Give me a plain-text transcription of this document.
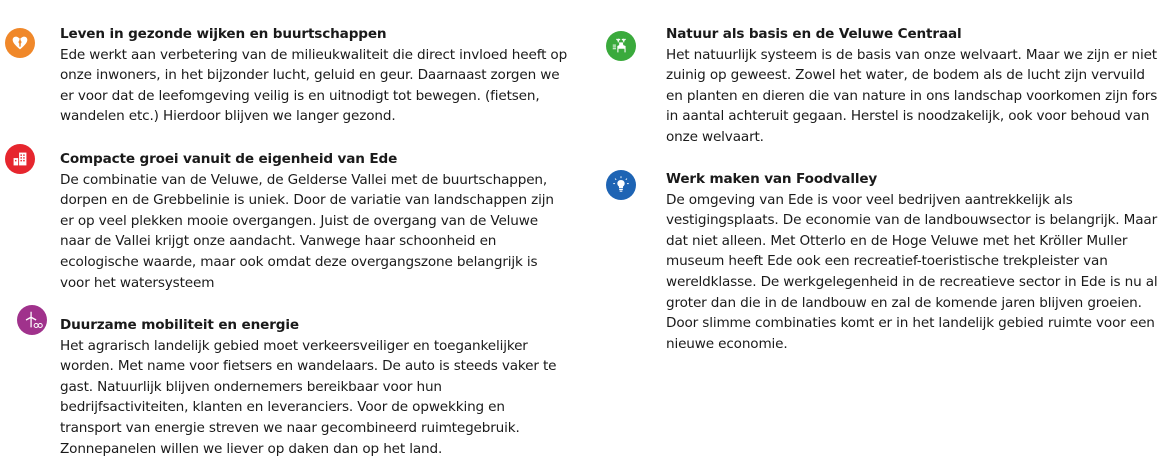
Leven in gezonde wijken en buurtschappen
Ede werkt aan verbetering van de milieukwaliteit die direct invloed heeft op onze inwoners, in het bijzonder lucht, geluid en geur. Daarnaast zorgen we er voor dat de leefomgeving veilig is en uitnodigt tot bewegen. (fietsen, wandelen etc.) Hierdoor blijven we langer gezond.
Compacte groei vanuit de eigenheid van Ede
De combinatie van de Veluwe, de Gelderse Vallei met de buurtschappen, dorpen en de Grebbelinie is uniek. Door de variatie van landschappen zijn er op veel plekken mooie overgangen. Juist de overgang van de Veluwe naar de Vallei krijgt onze aandacht. Vanwege haar schoonheid en ecologische waarde, maar ook omdat deze overgangszone belangrijk is voor het watersysteem
Duurzame mobiliteit en energie
Het agrarisch landelijk gebied moet verkeersveiliger en toegankelijker worden. Met name voor fietsers en wandelaars. De auto is steeds vaker te gast. Natuurlijk blijven ondernemers bereikbaar voor hun bedrijfsactiviteiten, klanten en leveranciers. Voor de opwekking en transport van energie streven we naar gecombineerd ruimtegebruik. Zonnepanelen willen we liever op daken dan op het land.
Natuur als basis en de Veluwe Centraal
Het natuurlijk systeem is de basis van onze welvaart. Maar we zijn er niet zuinig op geweest. Zowel het water, de bodem als de lucht zijn vervuild en planten en dieren die van nature in ons landschap voorkomen zijn fors in aantal achteruit gegaan. Herstel is noodzakelijk, ook voor behoud van onze welvaart.
Werk maken van Foodvalley
De omgeving van Ede is voor veel bedrijven aantrekkelijk als vestigingsplaats. De economie van de landbouwsector is belangrijk. Maar dat niet alleen. Met Otterlo en de Hoge Veluwe met het Kröller Muller museum heeft Ede ook een recreatief-toeristische trekpleister van wereldklasse. De werkgelegenheid in de recreatieve sector in Ede is nu al groter dan die in de landbouw en zal de komende jaren blijven groeien. Door slimme combinaties komt er in het landelijk gebied ruimte voor een nieuwe economie.
